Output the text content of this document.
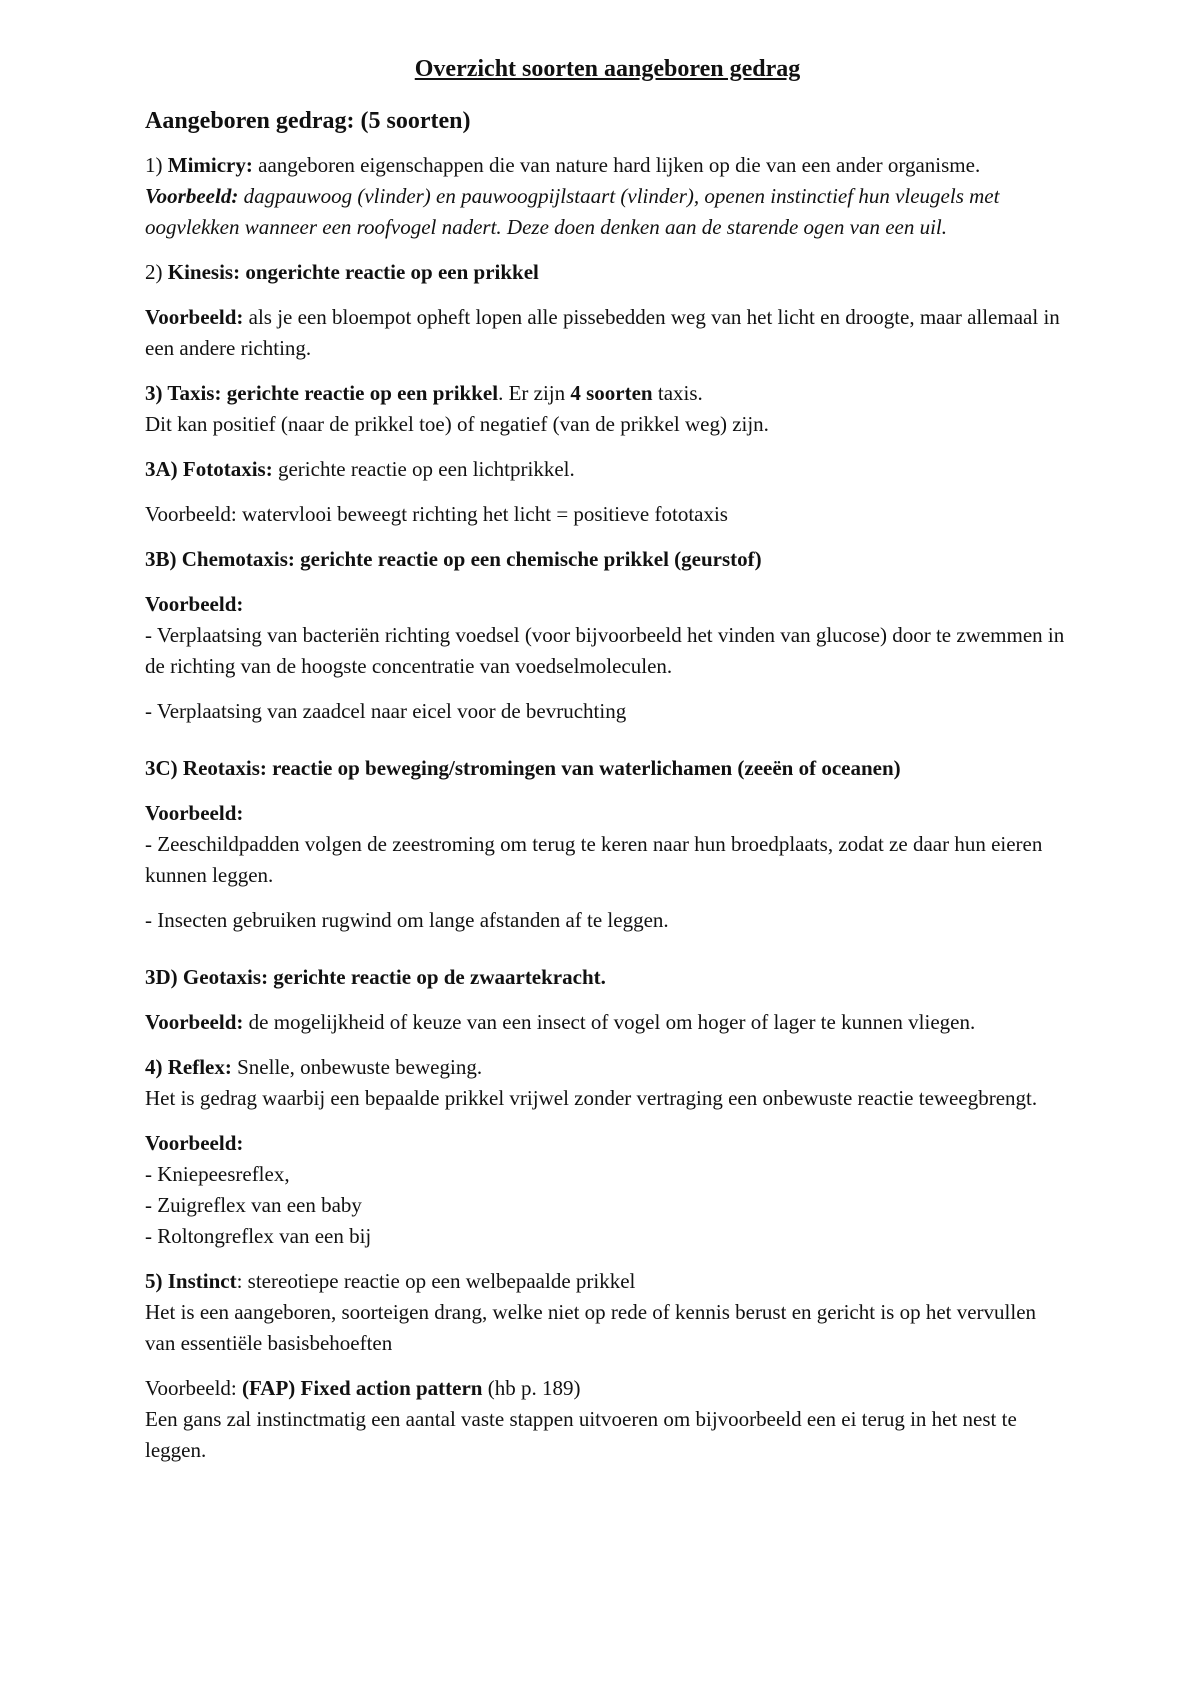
Overzicht soorten aangeboren gedrag
Aangeboren gedrag: (5 soorten)

1) Mimicry: aangeboren eigenschappen die van nature hard lijken op die van een ander organisme.
Voorbeeld: dagpauwoog (vlinder) en pauwoogpijlstaart (vlinder), openen instinctief hun vleugels met oogvlekken wanneer een roofvogel nadert. Deze doen denken aan de starende ogen van een uil.

2) Kinesis: ongerichte reactie op een prikkel

Voorbeeld: als je een bloempot opheft lopen alle pissebedden weg van het licht en droogte, maar allemaal in een andere richting.

3) Taxis: gerichte reactie op een prikkel. Er zijn 4 soorten taxis.
Dit kan positief (naar de prikkel toe) of negatief (van de prikkel weg) zijn.

3A) Fototaxis: gerichte reactie op een lichtprikkel.

Voorbeeld: watervlooi beweegt richting het licht = positieve fototaxis

3B) Chemotaxis: gerichte reactie op een chemische prikkel (geurstof)

Voorbeeld:
- Verplaatsing van bacteriën richting voedsel (voor bijvoorbeeld het vinden van glucose) door te zwemmen in de richting van de hoogste concentratie van voedselmoleculen.

- Verplaatsing van zaadcel naar eicel voor de bevruchting

3C) Reotaxis: reactie op beweging/stromingen van waterlichamen (zeeën of oceanen)

Voorbeeld:
- Zeeschildpadden volgen de zeestroming om terug te keren naar hun broedplaats, zodat ze daar hun eieren kunnen leggen.

- Insecten gebruiken rugwind om lange afstanden af te leggen.

3D) Geotaxis: gerichte reactie op de zwaartekracht.

Voorbeeld: de mogelijkheid of keuze van een insect of vogel om hoger of lager te kunnen vliegen.

4) Reflex: Snelle, onbewuste beweging.
Het is gedrag waarbij een bepaalde prikkel vrijwel zonder vertraging een onbewuste reactie teweegbrengt.

Voorbeeld:

- Kniepeesreflex,
- Zuigreflex van een baby
- Roltongreflex van een bij

5) Instinct: stereotiepe reactie op een welbepaalde prikkel
Het is een aangeboren, soorteigen drang, welke niet op rede of kennis berust en gericht is op het vervullen van essentiële basisbehoeften

Voorbeeld: (FAP) Fixed action pattern (hb p. 189)
Een gans zal instinctmatig een aantal vaste stappen uitvoeren om bijvoorbeeld een ei terug in het nest te leggen.
